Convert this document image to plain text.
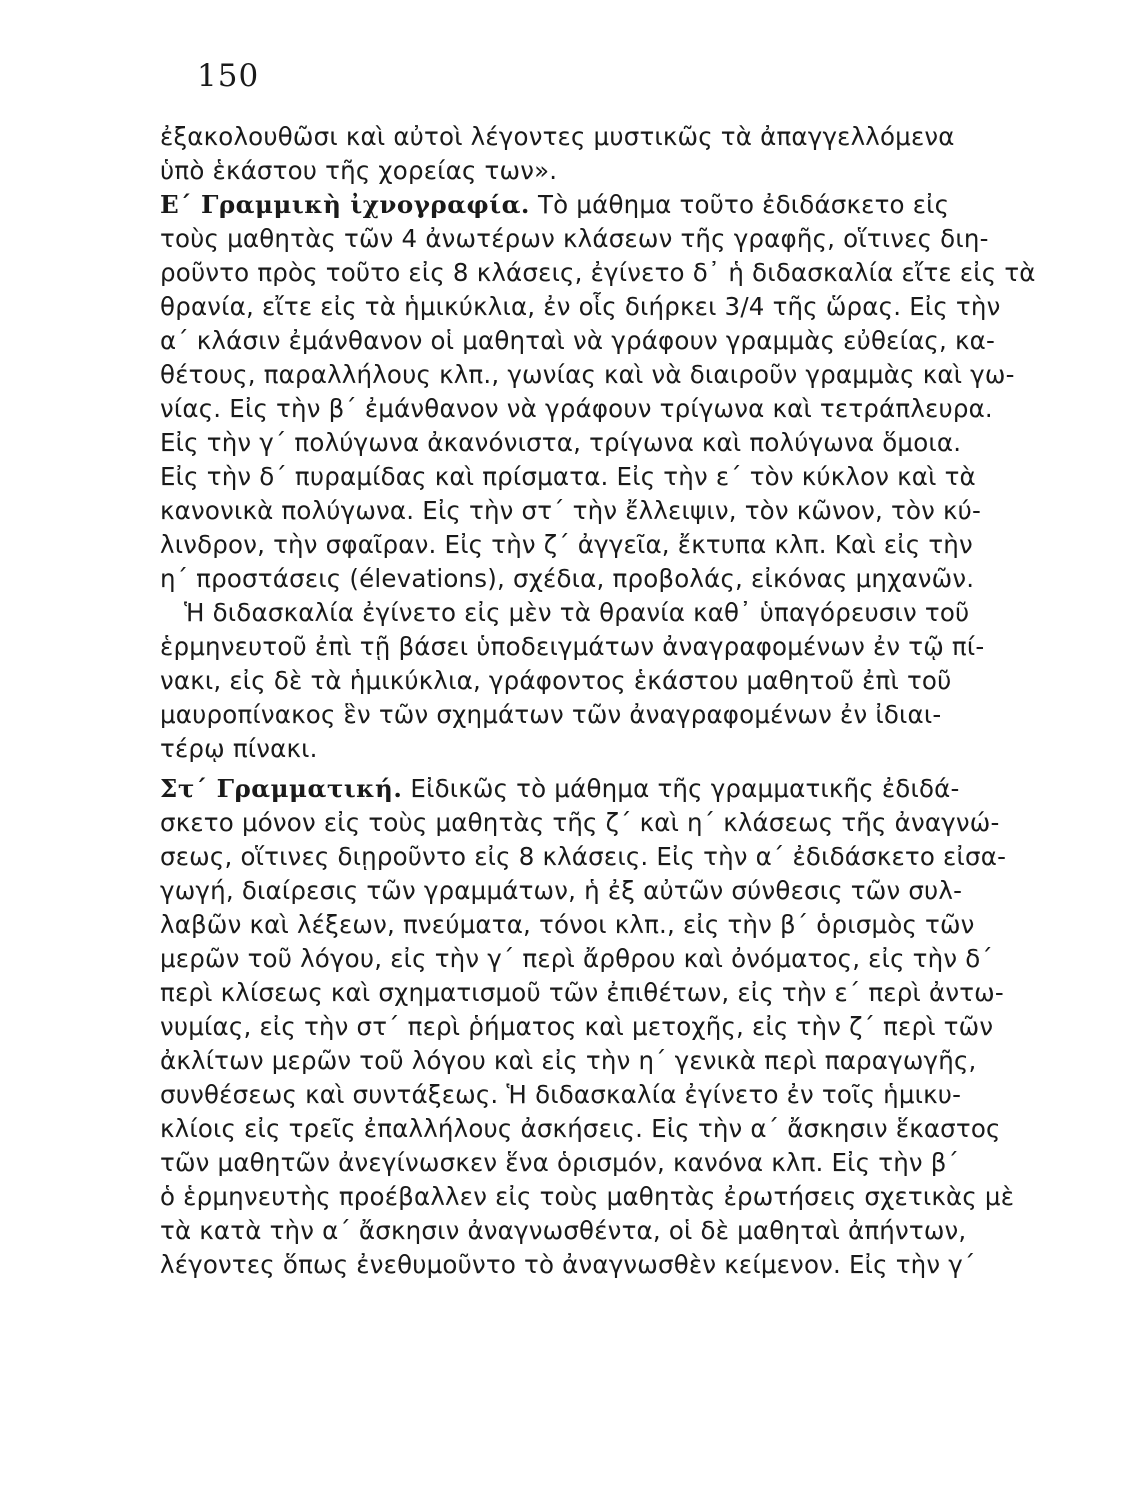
150
ἐξακολουθῶσι καὶ αὐτοὶ λέγοντες μυστικῶς τὰ ἀπαγγελλόμενα
ὑπὸ ἑκάστου τῆς χορείας των».
Ε΄ Γραμμικὴ ἰχνογραφία. Τὸ μάθημα τοῦτο ἐδιδάσκετο εἰς
τοὺς μαθητὰς τῶν 4 ἀνωτέρων κλάσεων τῆς γραφῆς, οἵτινες διη-
ροῦντο πρὸς τοῦτο εἰς 8 κλάσεις, ἐγίνετο δ᾿ ἡ διδασκαλία εἴτε εἰς τὰ
θρανία, εἴτε εἰς τὰ ἡμικύκλια, ἐν οἷς διήρκει 3/4 τῆς ὥρας. Εἰς τὴν
α΄ κλάσιν ἐμάνθανον οἱ μαθηταὶ νὰ γράφουν γραμμὰς εὐθείας, κα-
θέτους, παραλλήλους κλπ., γωνίας καὶ νὰ διαιροῦν γραμμὰς καὶ γω-
νίας. Εἰς τὴν β΄ ἐμάνθανον νὰ γράφουν τρίγωνα καὶ τετράπλευρα.
Εἰς τὴν γ΄ πολύγωνα ἀκανόνιστα, τρίγωνα καὶ πολύγωνα ὅμοια.
Εἰς τὴν δ΄ πυραμίδας καὶ πρίσματα. Εἰς τὴν ε΄ τὸν κύκλον καὶ τὰ
κανονικὰ πολύγωνα. Εἰς τὴν στ΄ τὴν ἔλλειψιν, τὸν κῶνον, τὸν κύ-
λινδρον, τὴν σφαῖραν. Εἰς τὴν ζ΄ ἀγγεῖα, ἔκτυπα κλπ. Καὶ εἰς τὴν
η΄ προστάσεις (élevations), σχέδια, προβολάς, εἰκόνας μηχανῶν.
Ἡ διδασκαλία ἐγίνετο εἰς μὲν τὰ θρανία καθ᾿ ὑπαγόρευσιν τοῦ
ἑρμηνευτοῦ ἐπὶ τῇ βάσει ὑποδειγμάτων ἀναγραφομένων ἐν τῷ πί-
νακι, εἰς δὲ τὰ ἡμικύκλια, γράφοντος ἑκάστου μαθητοῦ ἐπὶ τοῦ
μαυροπίνακος ἓν τῶν σχημάτων τῶν ἀναγραφομένων ἐν ἰδιαι-
τέρῳ πίνακι.
Στ΄ Γραμματική. Εἰδικῶς τὸ μάθημα τῆς γραμματικῆς ἐδιδά-
σκετο μόνον εἰς τοὺς μαθητὰς τῆς ζ΄ καὶ η΄ κλάσεως τῆς ἀναγνώ-
σεως, οἵτινες διῃροῦντο εἰς 8 κλάσεις. Εἰς τὴν α΄ ἐδιδάσκετο εἰσα-
γωγή, διαίρεσις τῶν γραμμάτων, ἡ ἐξ αὐτῶν σύνθεσις τῶν συλ-
λαβῶν καὶ λέξεων, πνεύματα, τόνοι κλπ., εἰς τὴν β΄ ὁρισμὸς τῶν
μερῶν τοῦ λόγου, εἰς τὴν γ΄ περὶ ἄρθρου καὶ ὀνόματος, εἰς τὴν δ΄
περὶ κλίσεως καὶ σχηματισμοῦ τῶν ἐπιθέτων, εἰς τὴν ε΄ περὶ ἀντω-
νυμίας, εἰς τὴν στ΄ περὶ ῥήματος καὶ μετοχῆς, εἰς τὴν ζ΄ περὶ τῶν
ἀκλίτων μερῶν τοῦ λόγου καὶ εἰς τὴν η΄ γενικὰ περὶ παραγωγῆς,
συνθέσεως καὶ συντάξεως. Ἡ διδασκαλία ἐγίνετο ἐν τοῖς ἡμικυ-
κλίοις εἰς τρεῖς ἐπαλλήλους ἀσκήσεις. Εἰς τὴν α΄ ἄσκησιν ἕκαστος
τῶν μαθητῶν ἀνεγίνωσκεν ἕνα ὁρισμόν, κανόνα κλπ. Εἰς τὴν β΄
ὁ ἑρμηνευτὴς προέβαλλεν εἰς τοὺς μαθητὰς ἐρωτήσεις σχετικὰς μὲ
τὰ κατὰ τὴν α΄ ἄσκησιν ἀναγνωσθέντα, οἱ δὲ μαθηταὶ ἀπήντων,
λέγοντες ὅπως ἐνεθυμοῦντο τὸ ἀναγνωσθὲν κείμενον. Εἰς τὴν γ΄
